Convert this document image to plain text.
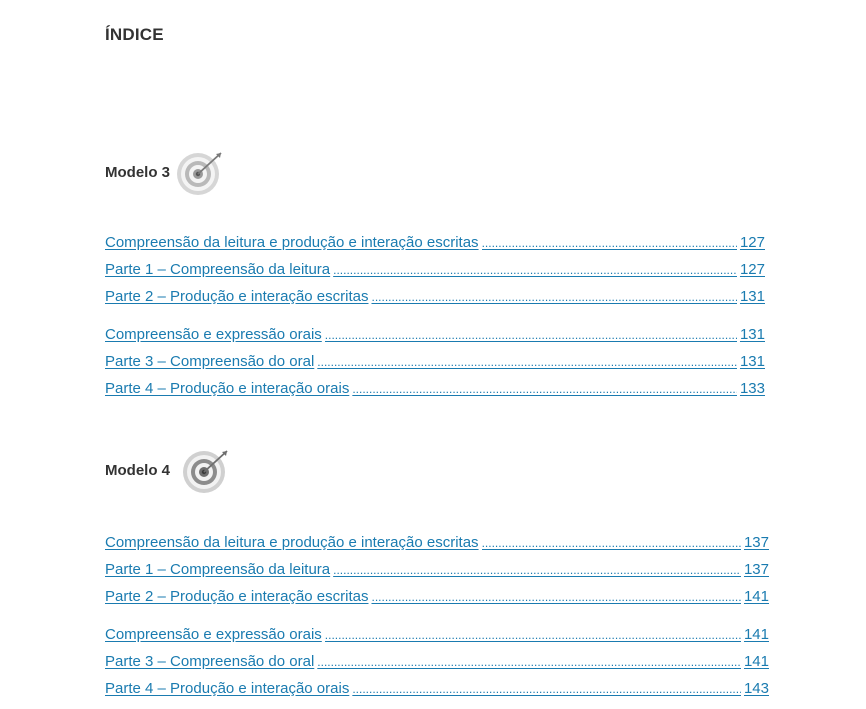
ÍNDICE
Modelo 3
Compreensão da leitura e produção e interação escritas .....	127
Parte 1 – Compreensão da leitura .....	127
Parte 2 – Produção e interação escritas .....	131
Compreensão e expressão orais .....	131
Parte 3 – Compreensão do oral .....	131
Parte 4 – Produção e interação orais .....	133
Modelo 4
Compreensão da leitura e produção e interação escritas .....	137
Parte 1 – Compreensão da leitura .....	137
Parte 2 – Produção e interação escritas .....	141
Compreensão e expressão orais .....	141
Parte 3 – Compreensão do oral .....	141
Parte 4 – Produção e interação orais .....	143
